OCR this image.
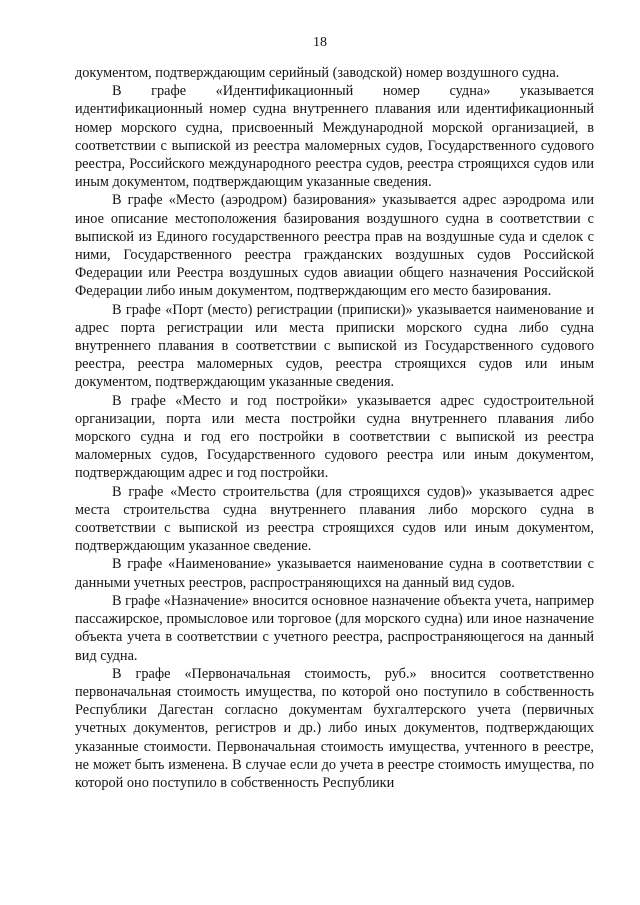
18

документом, подтверждающим серийный (заводской) номер воздушного судна.

В графе «Идентификационный номер судна» указывается идентификационный номер судна внутреннего плавания или идентификационный номер морского судна, присвоенный Международной морской организацией, в соответствии с выпиской из реестра маломерных судов, Государственного судового реестра, Российского международного реестра судов, реестра строящихся судов или иным документом, подтверждающим указанные сведения.

В графе «Место (аэродром) базирования» указывается адрес аэродрома или иное описание местоположения базирования воздушного судна в соответствии с выпиской из Единого государственного реестра прав на воздушные суда и сделок с ними, Государственного реестра гражданских воздушных судов Российской Федерации или Реестра воздушных судов авиации общего назначения Российской Федерации либо иным документом, подтверждающим его место базирования.

В графе «Порт (место) регистрации (приписки)» указывается наименование и адрес порта регистрации или места приписки морского судна либо судна внутреннего плавания в соответствии с выпиской из Государственного судового реестра, реестра маломерных судов, реестра строящихся судов или иным документом, подтверждающим указанные сведения.

В графе «Место и год постройки» указывается адрес судостроительной организации, порта или места постройки судна внутреннего плавания либо морского судна и год его постройки в соответствии с выпиской из реестра маломерных судов, Государственного судового реестра или иным документом, подтверждающим адрес и год постройки.

В графе «Место строительства (для строящихся судов)» указывается адрес места строительства судна внутреннего плавания либо морского судна в соответствии с выпиской из реестра строящихся судов или иным документом, подтверждающим указанное сведение.

В графе «Наименование» указывается наименование судна в соответствии с данными учетных реестров, распространяющихся на данный вид судов.

В графе «Назначение» вносится основное назначение объекта учета, например пассажирское, промысловое или торговое (для морского судна) или иное назначение объекта учета в соответствии с учетного реестра, распространяющегося на данный вид судна.

В графе «Первоначальная стоимость, руб.» вносится соответственно первоначальная стоимость имущества, по которой оно поступило в собственность Республики Дагестан согласно документам бухгалтерского учета (первичных учетных документов, регистров и др.) либо иных документов, подтверждающих указанные стоимости. Первоначальная стоимость имущества, учтенного в реестре, не может быть изменена. В случае если до учета в реестре стоимость имущества, по которой оно поступило в собственность Республики
